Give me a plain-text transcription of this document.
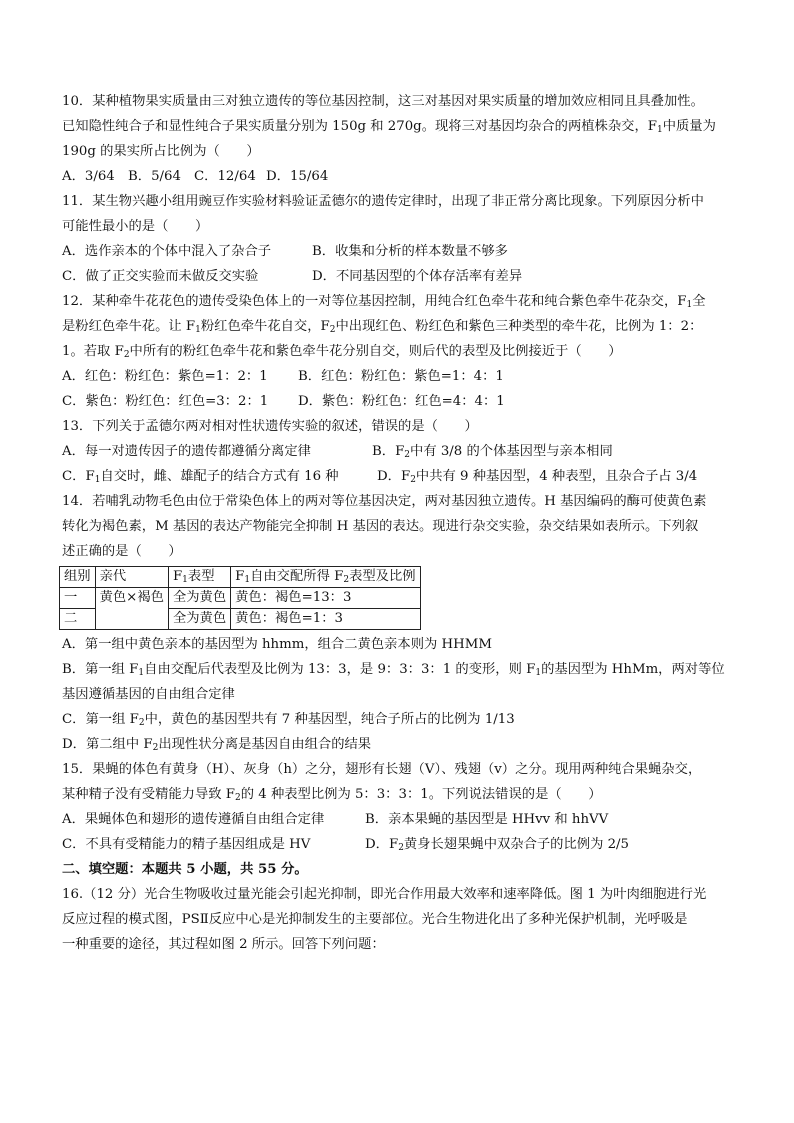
10．某种植物果实质量由三对独立遗传的等位基因控制，这三对基因对果实质量的增加效应相同且具叠加性。
已知隐性纯合子和显性纯合子果实质量分别为 150g 和 270g。现将三对基因均杂合的两植株杂交，$F_1$中质量为
190g 的果实所占比例为（　　）
A．3/64 B．5/64 C．12/64 D．15/64
11．某生物兴趣小组用豌豆作实验材料验证孟德尔的遗传定律时，出现了非正常分离比现象。下列原因分析中
可能性最小的是（　　）
A．选作亲本的个体中混入了杂合子	B．收集和分析的样本数量不够多
C．做了正交实验而未做反交实验	D．不同基因型的个体存活率有差异
12．某种牵牛花花色的遗传受染色体上的一对等位基因控制，用纯合红色牵牛花和纯合紫色牵牛花杂交，$F_1$全
是粉红色牵牛花。让 $F_1$粉红色牵牛花自交，$F_2$中出现红色、粉红色和紫色三种类型的牵牛花，比例为 1：2：
1。若取 $F_2$中所有的粉红色牵牛花和紫色牵牛花分别自交，则后代的表型及比例接近于（　　）
A．红色：粉红色：紫色=1：2：1 B．红色：粉红色：紫色=1：4：1
C．紫色：粉红色：红色=3：2：1 D．紫色：粉红色：红色=4：4：1
13．下列关于孟德尔两对相对性状遗传实验的叙述，错误的是（　　）
A．每一对遗传因子的遗传都遵循分离定律	B．$F_2$中有 3/8 的个体基因型与亲本相同
C．$F_1$自交时，雌、雄配子的结合方式有 16 种	D．$F_2$中共有 9 种基因型，4 种表型，且杂合子占 3/4
14．若哺乳动物毛色由位于常染色体上的两对等位基因决定，两对基因独立遗传。H 基因编码的酶可使黄色素
转化为褐色素，M 基因的表达产物能完全抑制 H 基因的表达。现进行杂交实验，杂交结果如表所示。下列叙
述正确的是（　　）
组别	亲代	$F_1$表型	$F_1$自由交配所得 $F_2$表型及比例
一	黄色×褐色	全为黄色	黄色：褐色=13：3
二		全为黄色	黄色：褐色=1：3
A．第一组中黄色亲本的基因型为 hhmm，组合二黄色亲本则为 HHMM
B．第一组 $F_1$自由交配后代表型及比例为 13：3，是 9：3：3：1 的变形，则 $F_1$的基因型为 HhMm，两对等位
基因遵循基因的自由组合定律
C．第一组 $F_2$中，黄色的基因型共有 7 种基因型，纯合子所占的比例为 1/13
D．第二组中 $F_2$出现性状分离是基因自由组合的结果
15．果蝇的体色有黄身（H）、灰身（h）之分，翅形有长翅（V）、残翅（v）之分。现用两种纯合果蝇杂交，
某种精子没有受精能力导致 $F_2$的 4 种表型比例为 5：3：3：1。下列说法错误的是（　　）
A．果蝇体色和翅形的遗传遵循自由组合定律	B．亲本果蝇的基因型是 HHvv 和 hhVV
C．不具有受精能力的精子基因组成是 HV	D．$F_2$黄身长翅果蝇中双杂合子的比例为 2/5
二、填空题：本题共 5 小题，共 55 分。
16.（12 分）光合生物吸收过量光能会引起光抑制，即光合作用最大效率和速率降低。图 1 为叶肉细胞进行光
反应过程的模式图，PSⅡ反应中心是光抑制发生的主要部位。光合生物进化出了多种光保护机制，光呼吸是
一种重要的途径，其过程如图 2 所示。回答下列问题：
